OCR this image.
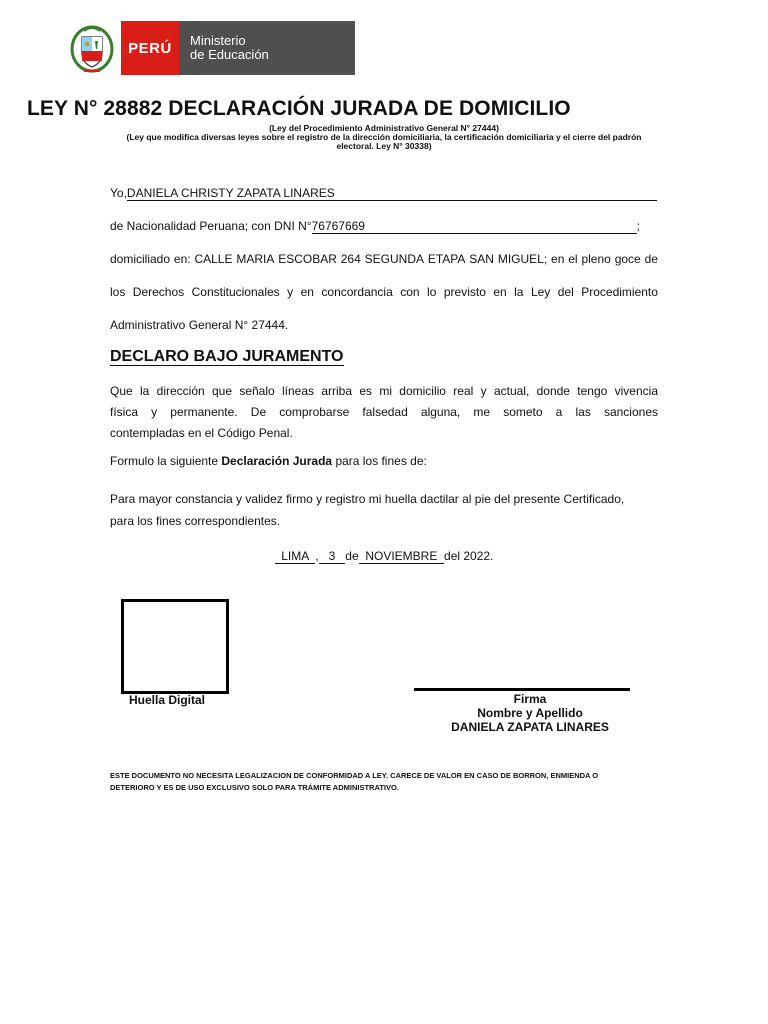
PERÚ Ministerio
de Educación
LEY N° 28882 DECLARACIÓN JURADA DE DOMICILIO
(Ley del Procedimiento Administrativo General N° 27444)
(Ley que modifica diversas leyes sobre el registro de la dirección domiciliaria, la certificación domiciliaria y el cierre del padrón
electoral. Ley N° 30338)
Yo,DANIELA CHRISTY ZAPATA LINARES
de Nacionalidad Peruana; con DNI N°76767669	;
domiciliado en: CALLE MARIA ESCOBAR 264 SEGUNDA ETAPA SAN MIGUEL; en el pleno goce de
los Derechos Constitucionales y en concordancia con lo previsto en la Ley del Procedimiento
Administrativo General N° 27444.
DECLARO BAJO JURAMENTO
Que la dirección que señalo líneas arriba es mi domicilio real y actual, donde tengo vivencia
física y permanente. De comprobarse falsedad alguna, me someto a las sanciones
contempladas en el Código Penal.
Formulo la siguiente Declaración Jurada para los fines de:
Para mayor constancia y validez firmo y registro mi huella dactilar al pie del presente Certificado,
para los fines correspondientes.
LIMA  ,   3   de  NOVIEMBRE  del 2022.
Huella Digital	Firma
Nombre y Apellido
DANIELA ZAPATA LINARES
ESTE DOCUMENTO NO NECESITA LEGALIZACION DE CONFORMIDAD A LEY. CARECE DE VALOR EN CASO DE BORRON, ENMIENDA O
DETERIORO Y ES DE USO EXCLUSIVO SOLO PARA TRÁMITE ADMINISTRATIVO.
